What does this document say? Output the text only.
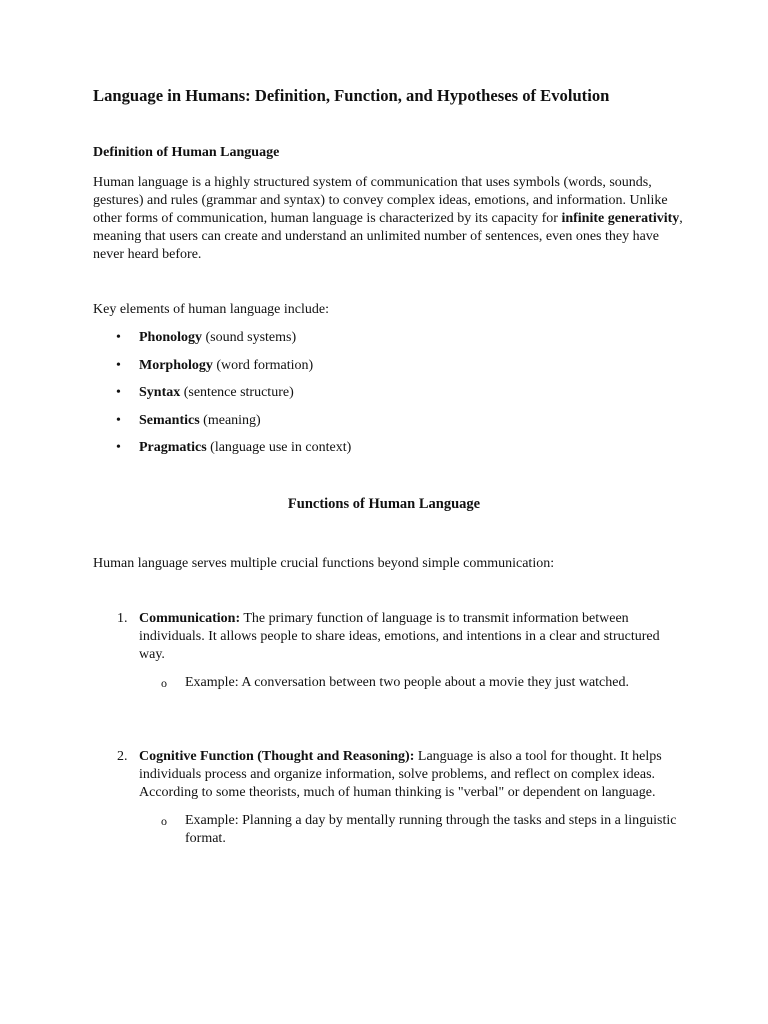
Language in Humans: Definition, Function, and Hypotheses of Evolution
Definition of Human Language

Human language is a highly structured system of communication that uses symbols (words, sounds, gestures) and rules (grammar and syntax) to convey complex ideas, emotions, and information. Unlike other forms of communication, human language is characterized by its capacity for infinite generativity, meaning that users can create and understand an unlimited number of sentences, even ones they have never heard before.

Key elements of human language include:

• Phonology (sound systems)
• Morphology (word formation)
• Syntax (sentence structure)
• Semantics (meaning)
• Pragmatics (language use in context)
Functions of Human Language

Human language serves multiple crucial functions beyond simple communication:

1. Communication: The primary function of language is to transmit information between individuals. It allows people to share ideas, emotions, and intentions in a clear and structured way.
o Example: A conversation between two people about a movie they just watched.
2. Cognitive Function (Thought and Reasoning): Language is also a tool for thought. It helps individuals process and organize information, solve problems, and reflect on complex ideas. According to some theorists, much of human thinking is "verbal" or dependent on language.
o Example: Planning a day by mentally running through the tasks and steps in a linguistic format.
